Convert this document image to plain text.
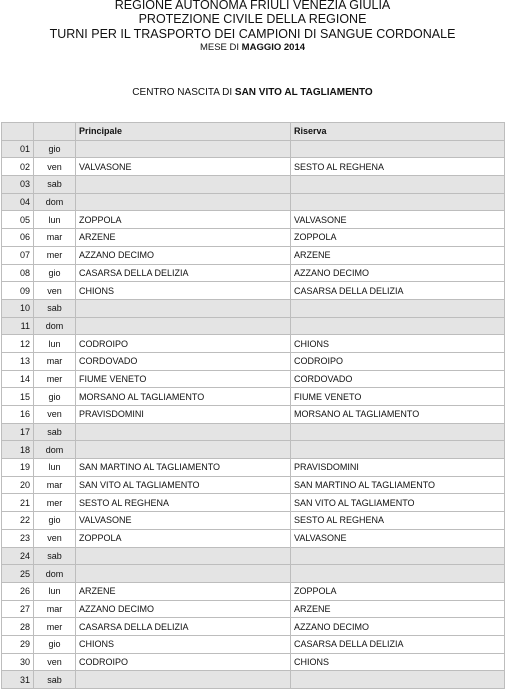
REGIONE AUTONOMA FRIULI VENEZIA GIULIA
PROTEZIONE CIVILE DELLA REGIONE
TURNI PER IL TRASPORTO DEI CAMPIONI DI SANGUE CORDONALE
MESE DI MAGGIO 2014
CENTRO NASCITA DI SAN VITO AL TAGLIAMENTO
		Principale	Riserva
01	gio		
02	ven	VALVASONE	SESTO AL REGHENA
03	sab		
04	dom		
05	lun	ZOPPOLA	VALVASONE
06	mar	ARZENE	ZOPPOLA
07	mer	AZZANO DECIMO	ARZENE
08	gio	CASARSA DELLA DELIZIA	AZZANO DECIMO
09	ven	CHIONS	CASARSA DELLA DELIZIA
10	sab		
11	dom		
12	lun	CODROIPO	CHIONS
13	mar	CORDOVADO	CODROIPO
14	mer	FIUME VENETO	CORDOVADO
15	gio	MORSANO AL TAGLIAMENTO	FIUME VENETO
16	ven	PRAVISDOMINI	MORSANO AL TAGLIAMENTO
17	sab		
18	dom		
19	lun	SAN MARTINO AL TAGLIAMENTO	PRAVISDOMINI
20	mar	SAN VITO AL TAGLIAMENTO	SAN MARTINO AL TAGLIAMENTO
21	mer	SESTO AL REGHENA	SAN VITO AL TAGLIAMENTO
22	gio	VALVASONE	SESTO AL REGHENA
23	ven	ZOPPOLA	VALVASONE
24	sab		
25	dom		
26	lun	ARZENE	ZOPPOLA
27	mar	AZZANO DECIMO	ARZENE
28	mer	CASARSA DELLA DELIZIA	AZZANO DECIMO
29	gio	CHIONS	CASARSA DELLA DELIZIA
30	ven	CODROIPO	CHIONS
31	sab		
